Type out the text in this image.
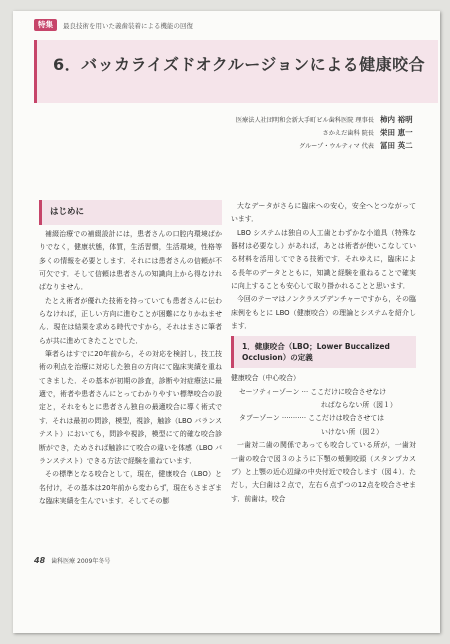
特集	最良技術を用いた義歯装着による機能の回復
6．バッカライズドオクルージョンによる健康咬合
医療法人社団明和会新大手町ビル歯科医院 理事長 柿内 裕明
さかえだ歯科 院長 栄田 恵一
グループ・ウルティマ 代表 冨田 英二
はじめに

補綴治療での補綴設計には，患者さんの口腔内環境ばかりでなく，健康状態，体質，生活習慣，生活環境，性格等多くの情報を必要とします．それには患者さんの信頼が不可欠です．そして信頼は患者さんの知識向上から得なければなりません．

たとえ術者が優れた技術を持っていても患者さんに伝わらなければ，正しい方向に進むことが困難になりかねません．現在は結果を求める時代ですから，それはまさに筆者らが共に進めてきたことでした．

筆者らはすでに20年前から，その対応を検討し，技工技術の利点を治療に対応した独自の方向にて臨床実績を重ねてきました．その基本が初期の診査，診断や対症療法に最適で，術者や患者さんにとってわかりやすい標準咬合の設定と，それをもとに患者さん独自の最適咬合に導く術式です．それは最初の問診，模型，視診，触診（LBO バランステスト）においても，問診や視診，模型にて的確な咬合診断ができ，ためされば触診にて咬合の違いを体感（LBO バランステスト）できる方法で経験を重ねています．

その標準となる咬合として，現在，健康咬合（LBO）と名付け，その基本は20年前から変わらず，現在もさまざまな臨床実績を生んでいます．そしてその膨

大なデータがさらに臨床への安心，安全へとつながっています．

LBO システムは独自の人工歯とわずかな小道具（特殊な器材は必要なし）があれば，あとは術者が使いこなしている材料を活用してできる技術です．それゆえに，臨床による長年のデータとともに，知識と経験を重ねることで確実に向上することも安心して取り掛かれることと思います．

今回のテーマはノンクラスプデンチャーですから，その臨床例をもとに LBO（健康咬合）の理論とシステムを紹介します．

1．健康咬合（LBO；Lower Buccalized Occlusion）の定義
健康咬合（中心咬合）
セーフティーゾーン ··· ここだけに咬合させなけ
ればならない所（図１）
タブーゾーン ··········· ここだけは咬合させては
いけない所（図２）

一歯対二歯の関係であっても咬合している所が，一歯対一歯の咬合で図３のように下顎の頬側咬頭（スタンプカスプ）と上顎の近心辺縁の中央付近で咬合します（図４）．ただし，大臼歯は２点で，左右６点ずつの12点を咬合させます．前歯は，咬合

48 歯科医療 2009年冬号
